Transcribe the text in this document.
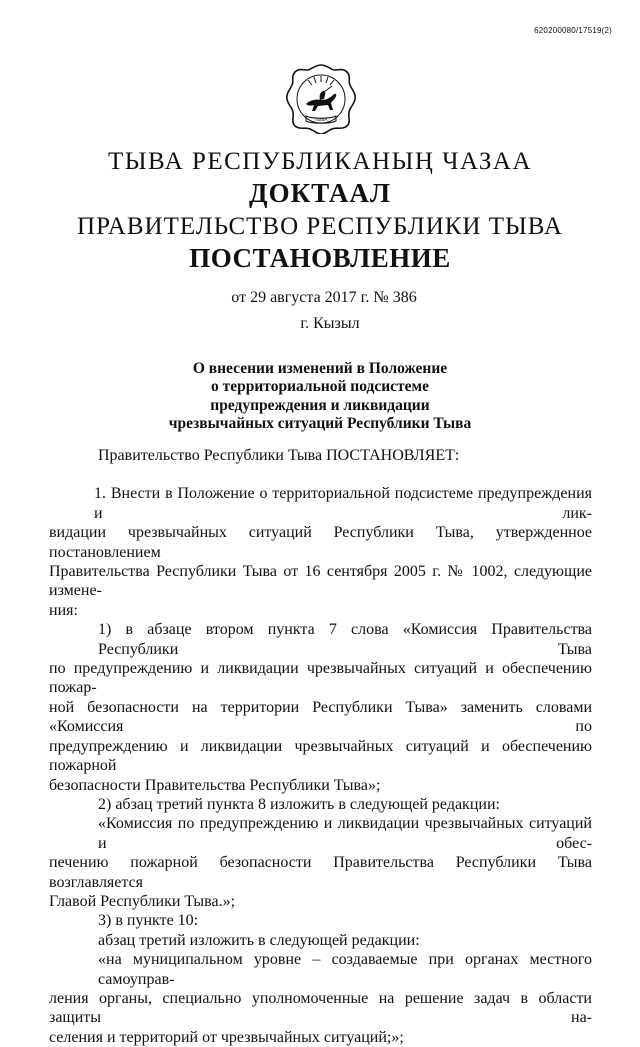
620200080/17519(2)
ТЫВА
ТЫВА РЕСПУБЛИКАНЫҢ ЧАЗАА
ДОКТААЛ
ПРАВИТЕЛЬСТВО РЕСПУБЛИКИ ТЫВА
ПОСТАНОВЛЕНИЕ
от 29 августа 2017 г. № 386
г. Кызыл
О внесении изменений в Положение
о территориальной подсистеме
предупреждения и ликвидации
чрезвычайных ситуаций Республики Тыва
Правительство Республики Тыва ПОСТАНОВЛЯЕТ:
1. Внести в Положение о территориальной подсистеме предупреждения и лик-
видации чрезвычайных ситуаций Республики Тыва, утвержденное постановлением
Правительства Республики Тыва от 16 сентября 2005 г. № 1002, следующие измене-
ния:
1) в абзаце втором пункта 7 слова «Комиссия Правительства Республики Тыва
по предупреждению и ликвидации чрезвычайных ситуаций и обеспечению пожар-
ной безопасности на территории Республики Тыва» заменить словами «Комиссия по
предупреждению и ликвидации чрезвычайных ситуаций и обеспечению пожарной
безопасности Правительства Республики Тыва»;
2) абзац третий пункта 8 изложить в следующей редакции:
«Комиссия по предупреждению и ликвидации чрезвычайных ситуаций и обес-
печению пожарной безопасности Правительства Республики Тыва возглавляется
Главой Республики Тыва.»;
3) в пункте 10:
абзац третий изложить в следующей редакции:
«на муниципальном уровне – создаваемые при органах местного самоуправ-
ления органы, специально уполномоченные на решение задач в области защиты на-
селения и территорий от чрезвычайных ситуаций;»;
